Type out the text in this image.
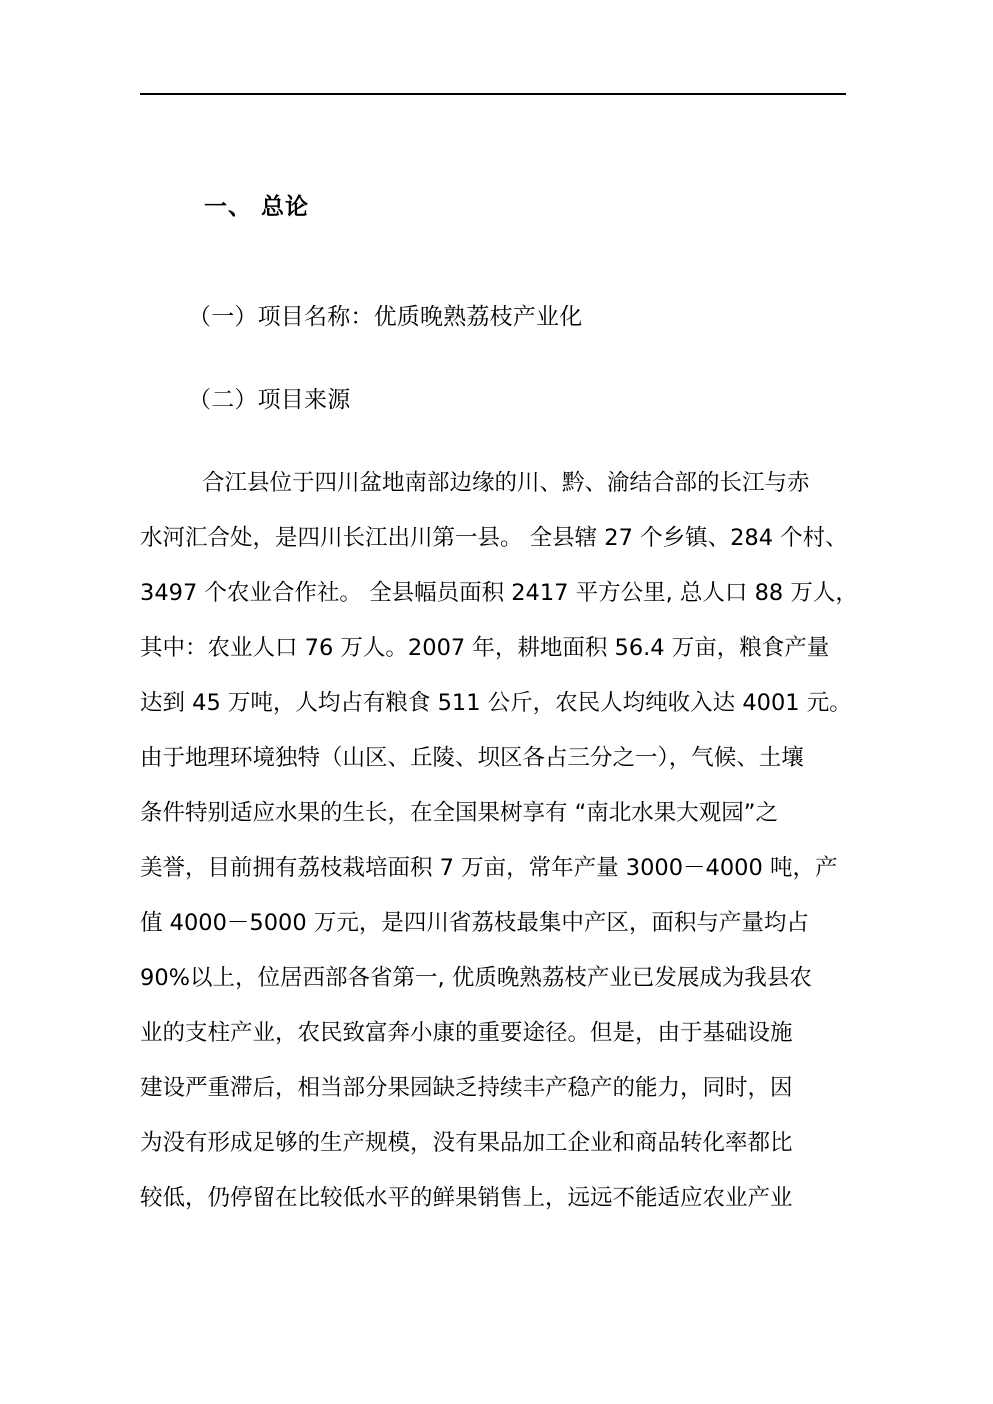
一、 总论
（一）项目名称：优质晚熟荔枝产业化
（二）项目来源
合江县位于四川盆地南部边缘的川、黔、渝结合部的长江与赤
水河汇合处，是四川长江出川第一县。 全县辖 27 个乡镇、284 个村、
3497 个农业合作社。 全县幅员面积 2417 平方公里, 总人口 88 万人，
其中：农业人口 76 万人。2007 年，耕地面积 56.4 万亩，粮食产量
达到 45 万吨，人均占有粮食 511 公斤，农民人均纯收入达 4001 元。
由于地理环境独特（山区、丘陵、坝区各占三分之一），气候、土壤
条件特别适应水果的生长，在全国果树享有 “南北水果大观园”之
美誉，目前拥有荔枝栽培面积 7 万亩，常年产量 3000－4000 吨，产
值 4000－5000 万元，是四川省荔枝最集中产区，面积与产量均占
90%以上，位居西部各省第一, 优质晚熟荔枝产业已发展成为我县农
业的支柱产业，农民致富奔小康的重要途径。但是，由于基础设施
建设严重滞后，相当部分果园缺乏持续丰产稳产的能力，同时，因
为没有形成足够的生产规模，没有果品加工企业和商品转化率都比
较低，仍停留在比较低水平的鲜果销售上，远远不能适应农业产业
